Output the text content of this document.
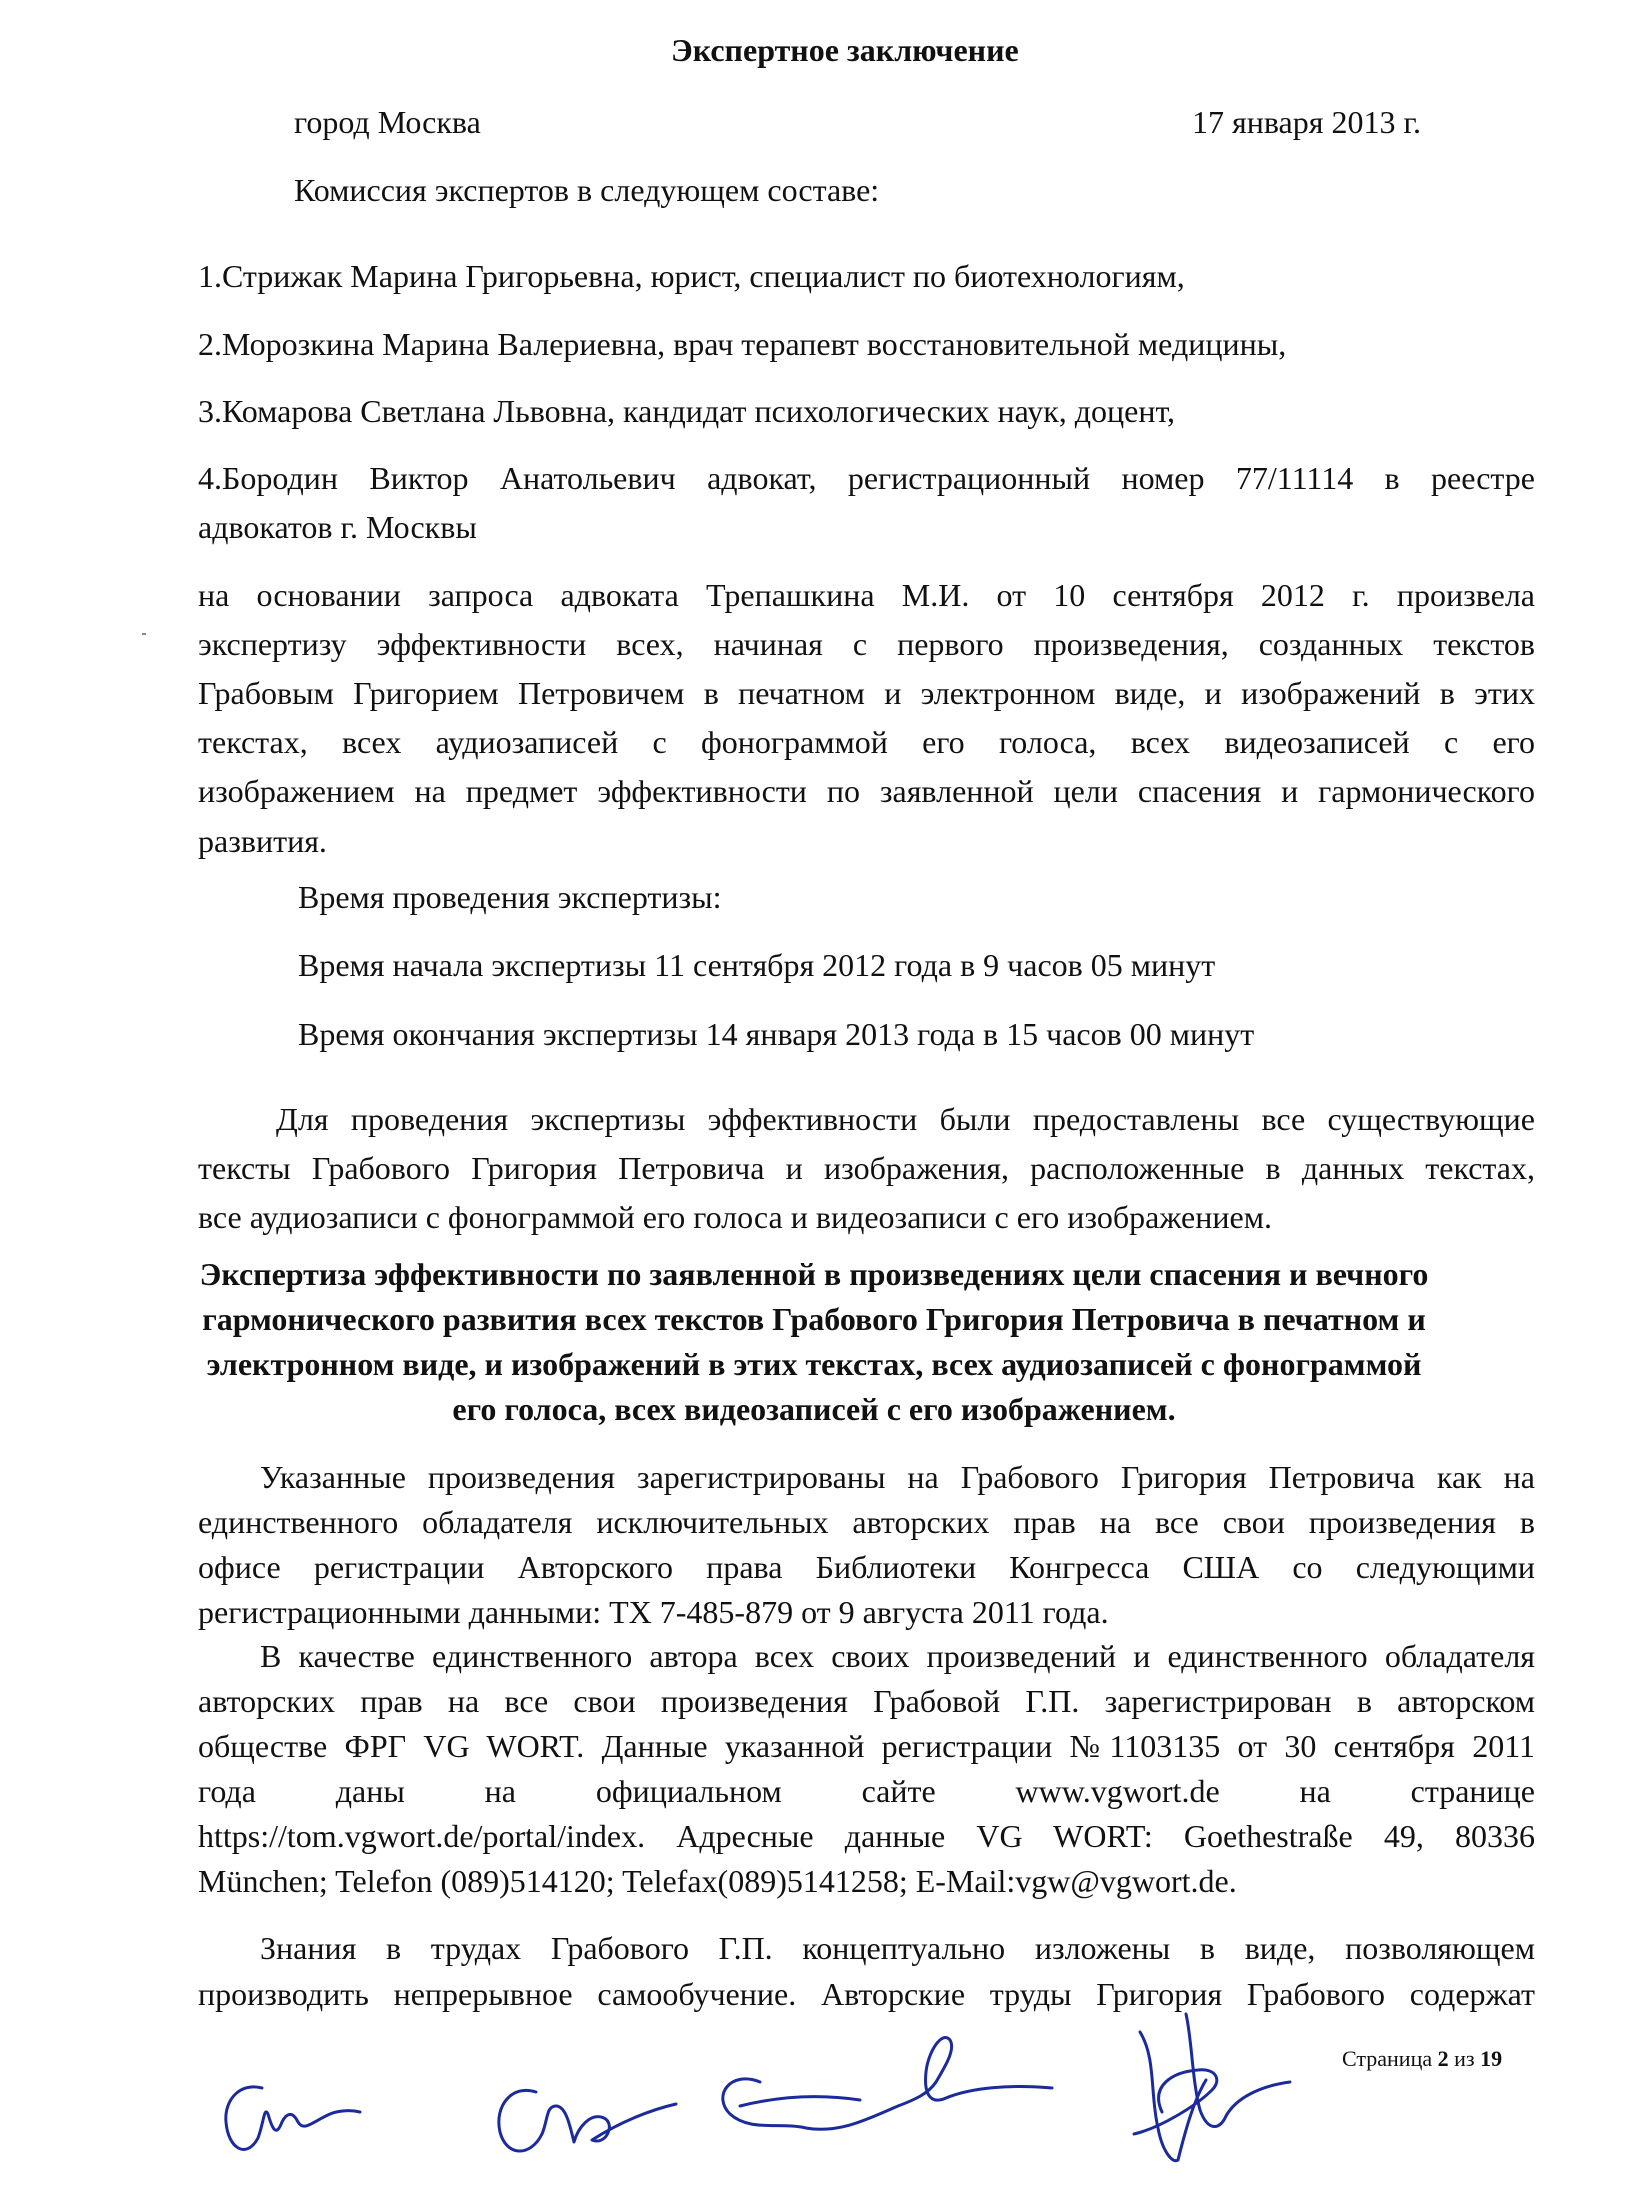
Экспертное заключение
город Москва	17 января 2013 г.
Комиссия экспертов в следующем составе:
1.Стрижак Марина Григорьевна, юрист, специалист по биотехнологиям,
2.Морозкина Марина Валериевна, врач терапевт восстановительной медицины,
3.Комарова Светлана Львовна, кандидат психологических наук, доцент,
4.Бородин Виктор Анатольевич адвокат, регистрационный номер 77/11114 в реестре
адвокатов г. Москвы
на основании запроса адвоката Трепашкина М.И. от 10 сентября 2012 г. произвела
экспертизу эффективности всех, начиная с первого произведения, созданных текстов
Грабовым Григорием Петровичем в печатном и электронном виде, и изображений в этих
текстах, всех аудиозаписей с фонограммой его голоса, всех видеозаписей с его
изображением на предмет эффективности по заявленной цели спасения и гармонического
развития.
Время проведения экспертизы:
Время начала экспертизы 11 сентября 2012 года в 9 часов 05 минут
Время окончания экспертизы 14 января 2013 года в 15 часов 00 минут
Для проведения экспертизы эффективности были предоставлены все существующие
тексты Грабового Григория Петровича и изображения, расположенные в данных текстах,
все аудиозаписи с фонограммой его голоса и видеозаписи с его изображением.
Экспертиза эффективности по заявленной в произведениях цели спасения и вечного
гармонического развития всех текстов Грабового Григория Петровича в печатном и
электронном виде, и изображений в этих текстах, всех аудиозаписей с фонограммой
его голоса, всех видеозаписей с его изображением.
Указанные произведения зарегистрированы на Грабового Григория Петровича как на
единственного обладателя исключительных авторских прав на все свои произведения в
офисе регистрации Авторского права Библиотеки Конгресса США со следующими
регистрационными данными: TX 7-485-879 от 9 августа 2011 года.
В качестве единственного автора всех своих произведений и единственного обладателя
авторских прав на все свои произведения Грабовой Г.П. зарегистрирован в авторском
обществе ФРГ VG WORT. Данные указанной регистрации №1103135 от 30 сентября 2011
года даны на официальном сайте www.vgwort.de на странице
https://tom.vgwort.de/portal/index. Адресные данные VG WORT: Goethestraße 49, 80336
München; Telefon (089)514120; Telefax(089)5141258; E-Mail:vgw@vgwort.de.
Знания в трудах Грабового Г.П. концептуально изложены в виде, позволяющем
производить непрерывное самообучение. Авторские труды Григория Грабового содержат
Страница 2 из 19
